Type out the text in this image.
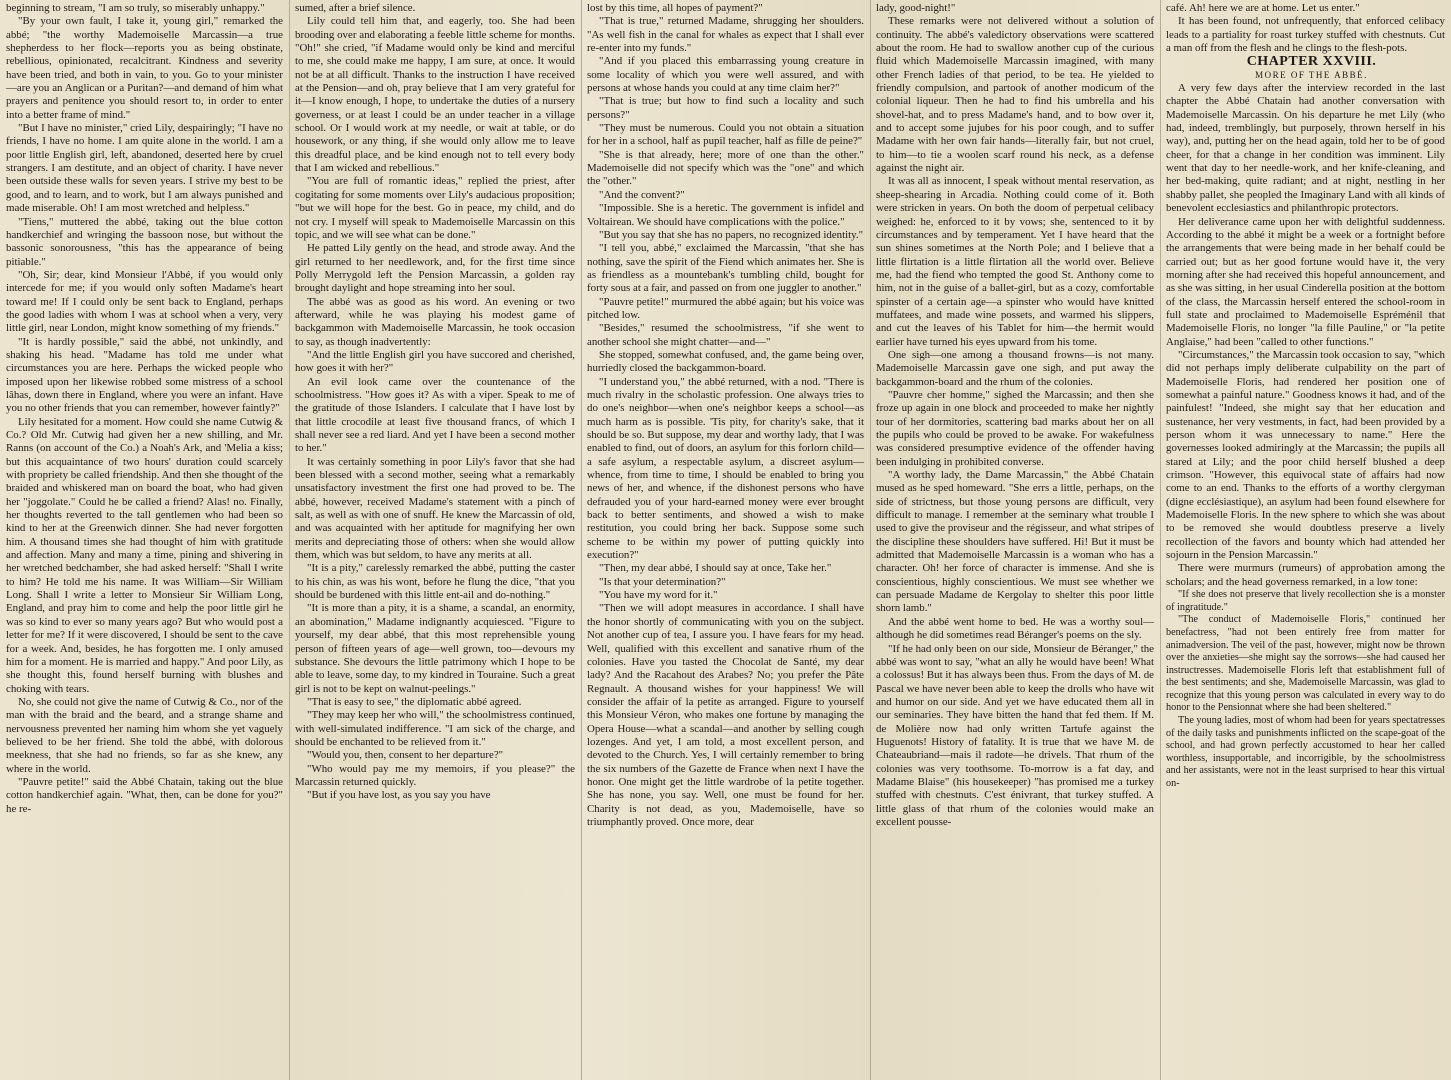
beginning to stream, "I am so truly, so miserably unhappy."

"By your own fault, I take it, young girl," remarked the abbé; "the worthy Mademoiselle Marcassin—a true shepherdess to her flock—reports you as being obstinate, rebellious, opinionated, recalcitrant. Kindness and severity have been tried, and both in vain, to you. Go to your minister—are you an Anglican or a Puritan?—and demand of him what prayers and penitence you should resort to, in order to enter into a better frame of mind."

"But I have no minister," cried Lily, despairingly; "I have no friends, I have no home. I am quite alone in the world. I am a poor little English girl, left, abandoned, deserted here by cruel strangers. I am destitute, and an object of charity. I have never been outside these walls for seven years. I strive my best to be good, and to learn, and to work, but I am always punished and made miserable. Oh! I am most wretched and helpless."

"Tiens," muttered the abbé, taking out the blue cotton handkerchief and wringing the bassoon nose, but without the bassonic sonorousness, "this has the appearance of being pitiable."

"Oh, Sir; dear, kind Monsieur l'Abbé, if you would only intercede for me; if you would only soften Madame's heart toward me! If I could only be sent back to England, perhaps the good ladies with whom I was at school when a very, very little girl, near London, might know something of my friends."

"It is hardly possible," said the abbé, not unkindly, and shaking his head. "Madame has told me under what circumstances you are here. Perhaps the wicked people who imposed upon her likewise robbed some mistress of a school lâhas, down there in England, where you were an infant. Have you no other friends that you can remember, however faintly?"

Lily hesitated for a moment. How could she name Cutwig & Co.? Old Mr. Cutwig had given her a new shilling, and Mr. Ranns (on account of the Co.) a Noah's Ark, and 'Melia a kiss; but this acquaintance of two hours' duration could scarcely with propriety be called friendship. And then she thought of the braided and whiskered man on board the boat, who had given her "joggolate." Could he be called a friend? Alas! no. Finally, her thoughts reverted to the tall gentlemen who had been so kind to her at the Greenwich dinner. She had never forgotten him. A thousand times she had thought of him with gratitude and affection. Many and many a time, pining and shivering in her wretched bedchamber, she had asked herself: "Shall I write to him? He told me his name. It was William—Sir William Long. Shall I write a letter to Monsieur Sir William Long, England, and pray him to come and help the poor little girl he was so kind to ever so many years ago? But who would post a letter for me? If it were discovered, I should be sent to the cave for a week. And, besides, he has forgotten me. I only amused him for a moment. He is married and happy." And poor Lily, as she thought this, found herself burning with blushes and choking with tears.

No, she could not give the name of Cutwig & Co., nor of the man with the braid and the beard, and a strange shame and nervousness prevented her naming him whom she yet vaguely believed to be her friend. She told the abbé, with dolorous meekness, that she had no friends, so far as she knew, any where in the world.

"Pauvre petite!" said the Abbé Chatain, taking out the blue cotton handkerchief again. "What, then, can be done for you?" he re-

sumed, after a brief silence.

Lily could tell him that, and eagerly, too. She had been brooding over and elaborating a feeble little scheme for months. "Oh!" she cried, "if Madame would only be kind and merciful to me, she could make me happy, I am sure, at once. It would not be at all difficult. Thanks to the instruction I have received at the Pension—and oh, pray believe that I am very grateful for it—I know enough, I hope, to undertake the duties of a nursery governess, or at least I could be an under teacher in a village school. Or I would work at my needle, or wait at table, or do housework, or any thing, if she would only allow me to leave this dreadful place, and be kind enough not to tell every body that I am wicked and rebellious."

"You are full of romantic ideas," replied the priest, after cogitating for some moments over Lily's audacious proposition; "but we will hope for the best. Go in peace, my child, and do not cry. I myself will speak to Mademoiselle Marcassin on this topic, and we will see what can be done."

He patted Lily gently on the head, and strode away. And the girl returned to her needlework, and, for the first time since Polly Merrygold left the Pension Marcassin, a golden ray brought daylight and hope streaming into her soul.

The abbé was as good as his word. An evening or two afterward, while he was playing his modest game of backgammon with Mademoiselle Marcassin, he took occasion to say, as though inadvertently:

"And the little English girl you have succored and cherished, how goes it with her?"

An evil look came over the countenance of the schoolmistress. "How goes it? As with a viper. Speak to me of the gratitude of those Islanders. I calculate that I have lost by that little crocodile at least five thousand francs, of which I shall never see a red liard. And yet I have been a second mother to her."

It was certainly something in poor Lily's favor that she had been blessed with a second mother, seeing what a remarkably unsatisfactory investment the first one had proved to be. The abbé, however, received Madame's statement with a pinch of salt, as well as with one of snuff. He knew the Marcassin of old, and was acquainted with her aptitude for magnifying her own merits and depreciating those of others: when she would allow them, which was but seldom, to have any merits at all.

"It is a pity," carelessly remarked the abbé, putting the caster to his chin, as was his wont, before he flung the dice, "that you should be burdened with this little ent-ail and do-nothing."

"It is more than a pity, it is a shame, a scandal, an enormity, an abomination," Madame indignantly acquiesced. "Figure to yourself, my dear abbé, that this most reprehensible young person of fifteen years of age—well grown, too—devours my substance. She devours the little patrimony which I hope to be able to leave, some day, to my kindred in Touraine. Such a great girl is not to be kept on walnut-peelings."

"That is easy to see," the diplomatic abbé agreed.

"They may keep her who will," the schoolmistress continued, with well-simulated indifference. "I am sick of the charge, and should be enchanted to be relieved from it."

"Would you, then, consent to her departure?"

"Who would pay me my memoirs, if you please?" the Marcassin returned quickly.

"But if you have lost, as you say you have

lost by this time, all hopes of payment?"

"That is true," returned Madame, shrugging her shoulders. "As well fish in the canal for whales as expect that I shall ever re-enter into my funds."

"And if you placed this embarrassing young creature in some locality of which you were well assured, and with persons at whose hands you could at any time claim her?"

"That is true; but how to find such a locality and such persons?"

"They must be numerous. Could you not obtain a situation for her in a school, half as pupil teacher, half as fille de peine?"

"She is that already, here; more of one than the other." Mademoiselle did not specify which was the "one" and which the "other."

"And the convent?"

"Impossible. She is a heretic. The government is infidel and Voltairean. We should have complications with the police."

"But you say that she has no papers, no recognized identity."

"I tell you, abbé," exclaimed the Marcassin, "that she has nothing, save the spirit of the Fiend which animates her. She is as friendless as a mountebank's tumbling child, bought for forty sous at a fair, and passed on from one juggler to another."

"Pauvre petite!" murmured the abbé again; but his voice was pitched low.

"Besides," resumed the schoolmistress, "if she went to another school she might chatter—and—"

She stopped, somewhat confused, and, the game being over, hurriedly closed the backgammon-board.

"I understand you," the abbé returned, with a nod. "There is much rivalry in the scholastic profession. One always tries to do one's neighbor—when one's neighbor keeps a school—as much harm as is possible. 'Tis pity, for charity's sake, that it should be so. But suppose, my dear and worthy lady, that I was enabled to find, out of doors, an asylum for this forlorn child—a safe asylum, a respectable asylum, a discreet asylum—whence, from time to time, I should be enabled to bring you news of her, and whence, if the dishonest persons who have defrauded you of your hard-earned money were ever brought back to better sentiments, and showed a wish to make restitution, you could bring her back. Suppose some such scheme to be within my power of putting quickly into execution?"

"Then, my dear abbé, I should say at once, Take her."

"Is that your determination?"

"You have my word for it."

"Then we will adopt measures in accordance. I shall have the honor shortly of communicating with you on the subject. Not another cup of tea, I assure you. I have fears for my head. Well, qualified with this excellent and sanative rhum of the colonies. Have you tasted the Chocolat de Santé, my dear lady? And the Racahout des Arabes? No; you prefer the Pâte Regnault. A thousand wishes for your happiness! We will consider the affair of la petite as arranged. Figure to yourself this Monsieur Véron, who makes one fortune by managing the Opera House—what a scandal—and another by selling cough lozenges. And yet, I am told, a most excellent person, and devoted to the Church. Yes, I will certainly remember to bring the six numbers of the Gazette de France when next I have the honor. One might get the little wardrobe of la petite together. She has none, you say. Well, one must be found for her. Charity is not dead, as you, Mademoiselle, have so triumphantly proved. Once more, dear

lady, good-night!"

These remarks were not delivered without a solution of continuity. The abbé's valedictory observations were scattered about the room. He had to swallow another cup of the curious fluid which Mademoiselle Marcassin imagined, with many other French ladies of that period, to be tea. He yielded to friendly compulsion, and partook of another modicum of the colonial liqueur. Then he had to find his umbrella and his shovel-hat, and to press Madame's hand, and to bow over it, and to accept some jujubes for his poor cough, and to suffer Madame with her own fair hands—literally fair, but not cruel, to him—to tie a woolen scarf round his neck, as a defense against the night air.

It was all as innocent, I speak without mental reservation, as sheep-shearing in Arcadia. Nothing could come of it. Both were stricken in years. On both the doom of perpetual celibacy weighed: he, enforced to it by vows; she, sentenced to it by circumstances and by temperament. Yet I have heard that the sun shines sometimes at the North Pole; and I believe that a little flirtation is a little flirtation all the world over. Believe me, had the fiend who tempted the good St. Anthony come to him, not in the guise of a ballet-girl, but as a cozy, comfortable spinster of a certain age—a spinster who would have knitted muffatees, and made wine possets, and warmed his slippers, and cut the leaves of his Tablet for him—the hermit would earlier have turned his eyes upward from his tome.

One sigh—one among a thousand frowns—is not many. Mademoiselle Marcassin gave one sigh, and put away the backgammon-board and the rhum of the colonies.

"Pauvre cher homme," sighed the Marcassin; and then she froze up again in one block and proceeded to make her nightly tour of her dormitories, scattering bad marks about her on all the pupils who could be proved to be awake. For wakefulness was considered presumptive evidence of the offender having been indulging in prohibited converse.

"A worthy lady, the Dame Marcassin," the Abbé Chatain mused as he sped homeward. "She errs a little, perhaps, on the side of strictness, but those young persons are difficult, very difficult to manage. I remember at the seminary what trouble I used to give the proviseur and the régisseur, and what stripes of the discipline these shoulders have suffered. Hi! But it must be admitted that Mademoiselle Marcassin is a woman who has a character. Oh! her force of character is immense. And she is conscientious, highly conscientious. We must see whether we can persuade Madame de Kergolay to shelter this poor little shorn lamb."

And the abbé went home to bed. He was a worthy soul—although he did sometimes read Béranger's poems on the sly.

"If he had only been on our side, Monsieur de Béranger," the abbé was wont to say, "what an ally he would have been! What a colossus! But it has always been thus. From the days of M. de Pascal we have never been able to keep the drolls who have wit and humor on our side. And yet we have educated them all in our seminaries. They have bitten the hand that fed them. If M. de Molière now had only written Tartufe against the Huguenots! History of fatality. It is true that we have M. de Chateaubriand—mais il radote—he drivels. That rhum of the colonies was very toothsome. To-morrow is a fat day, and Madame Blaise" (his housekeeper) "has promised me a turkey stuffed with chestnuts. C'est énivrant, that turkey stuffed. A little glass of that rhum of the colonies would make an excellent pousse-

café. Ah! here we are at home. Let us enter."

It has been found, not unfrequently, that enforced celibacy leads to a partiality for roast turkey stuffed with chestnuts. Cut a man off from the flesh and he clings to the flesh-pots.

CHAPTER XXVIII.

MORE OF THE ABBÉ.

A very few days after the interview recorded in the last chapter the Abbé Chatain had another conversation with Mademoiselle Marcassin. On his departure he met Lily (who had, indeed, tremblingly, but purposely, thrown herself in his way), and, putting her on the head again, told her to be of good cheer, for that a change in her condition was imminent. Lily went that day to her needle-work, and her knife-cleaning, and her bed-making, quite radiant; and at night, nestling in her shabby pallet, she peopled the Imaginary Land with all kinds of benevolent ecclesiastics and philanthropic protectors.

Her deliverance came upon her with delightful suddenness. According to the abbé it might be a week or a fortnight before the arrangements that were being made in her behalf could be carried out; but as her good fortune would have it, the very morning after she had received this hopeful announcement, and as she was sitting, in her usual Cinderella position at the bottom of the class, the Marcassin herself entered the school-room in full state and proclaimed to Mademoiselle Espréménil that Mademoiselle Floris, no longer "la fille Pauline," or "la petite Anglaise," had been "called to other functions."

"Circumstances," the Marcassin took occasion to say, "which did not perhaps imply deliberate culpability on the part of Mademoiselle Floris, had rendered her position one of somewhat a painful nature." Goodness knows it had, and of the painfulest! "Indeed, she might say that her education and sustenance, her very vestments, in fact, had been provided by a person whom it was unnecessary to name." Here the governesses looked admiringly at the Marcassin; the pupils all stared at Lily; and the poor child herself blushed a deep crimson. "However, this equivocal state of affairs had now come to an end. Thanks to the efforts of a worthy clergyman (digne ecclésiastique), an asylum had been found elsewhere for Mademoiselle Floris. In the new sphere to which she was about to be removed she would doubtless preserve a lively recollection of the favors and bounty which had attended her sojourn in the Pension Marcassin."

There were murmurs (rumeurs) of approbation among the scholars; and the head governess remarked, in a low tone:

"If she does not preserve that lively recollection she is a monster of ingratitude."

"The conduct of Mademoiselle Floris," continued her benefactress, "had not been entirely free from matter for animadversion. The veil of the past, however, might now be thrown over the anxieties—she might say the sorrows—she had caused her instructresses. Mademoiselle Floris left that establishment full of the best sentiments; and she, Mademoiselle Marcassin, was glad to recognize that this young person was calculated in every way to do honor to the Pensionnat where she had been sheltered."

The young ladies, most of whom had been for years spectatresses of the daily tasks and punishments inflicted on the scape-goat of the school, and had grown perfectly accustomed to hear her called worthless, insupportable, and incorrigible, by the schoolmistress and her assistants, were not in the least surprised to hear this virtual on-
